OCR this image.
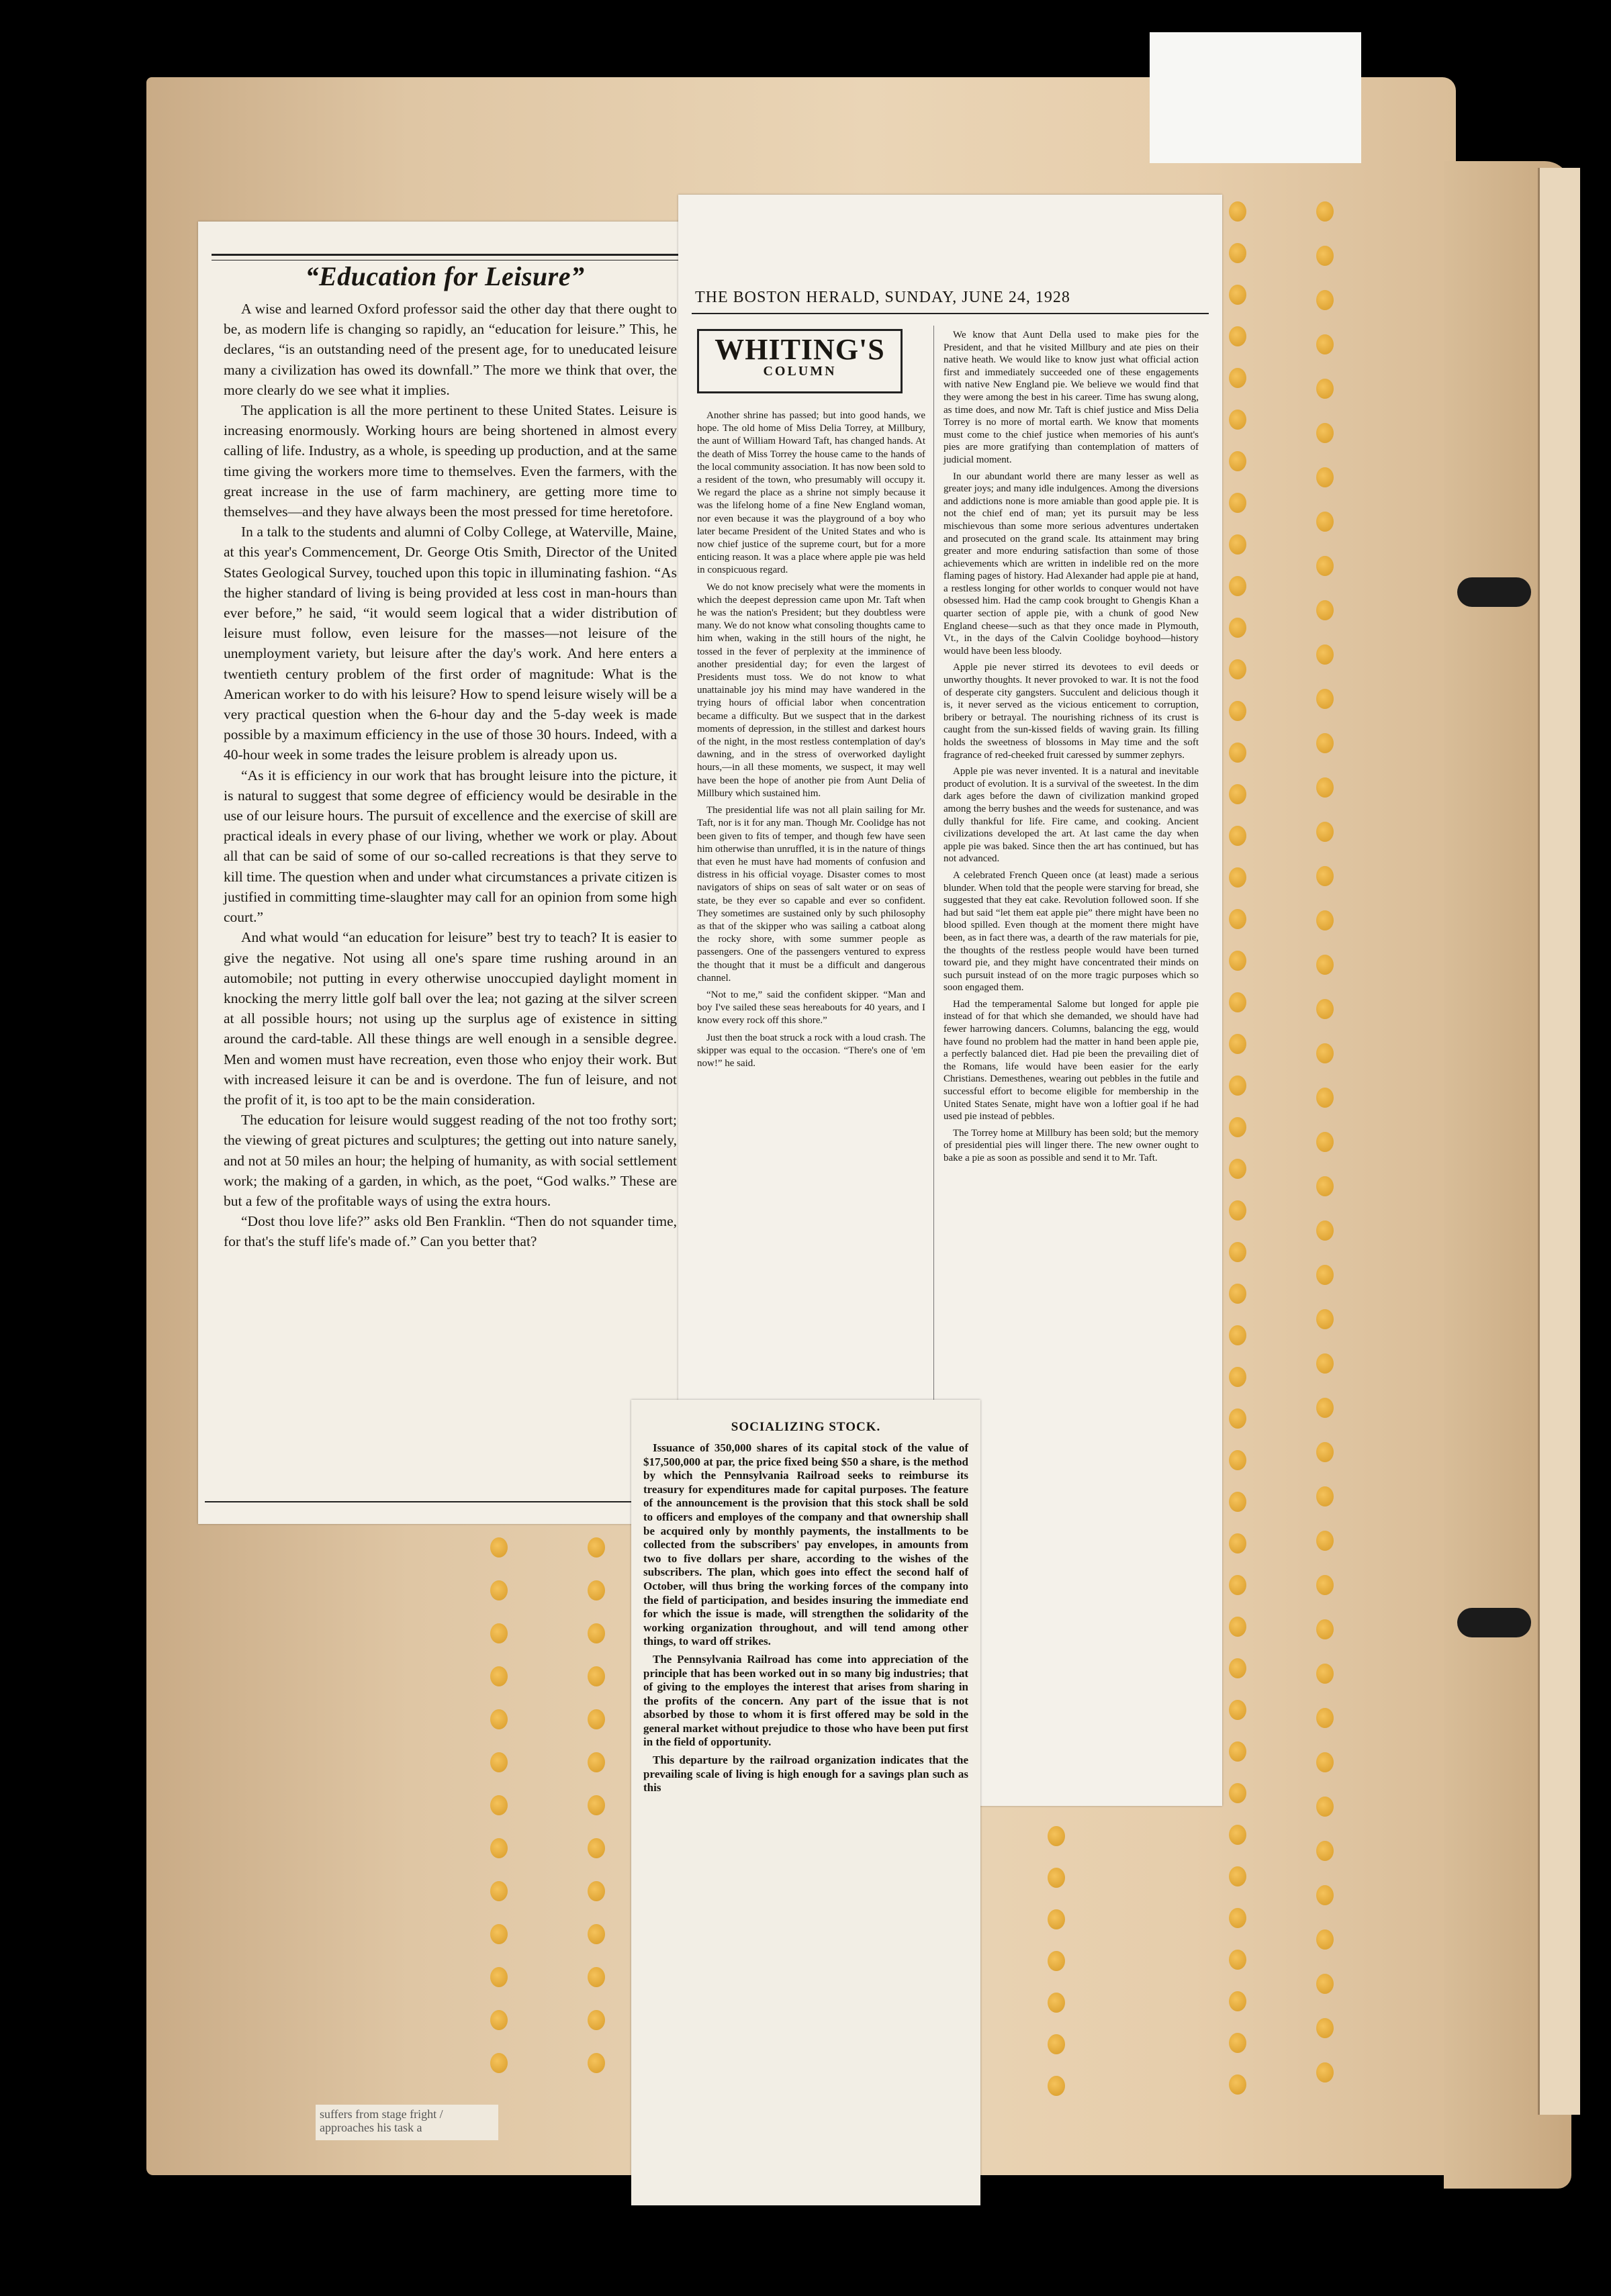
“Education for Leisure”

A wise and learned Oxford professor said the other day that there ought to be, as modern life is changing so rapidly, an “education for leisure.” This, he declares, “is an outstanding need of the present age, for to uneducated leisure many a civilization has owed its downfall.” The more we think that over, the more clearly do we see what it implies.

The application is all the more pertinent to these United States. Leisure is increasing enormously. Working hours are being shortened in almost every calling of life. Industry, as a whole, is speeding up production, and at the same time giving the workers more time to themselves. Even the farmers, with the great increase in the use of farm machinery, are getting more time to themselves—and they have always been the most pressed for time heretofore.

In a talk to the students and alumni of Colby College, at Waterville, Maine, at this year's Commencement, Dr. George Otis Smith, Director of the United States Geological Survey, touched upon this topic in illuminating fashion. “As the higher standard of living is being provided at less cost in man-hours than ever before,” he said, “it would seem logical that a wider distribution of leisure must follow, even leisure for the masses—not leisure of the unemployment variety, but leisure after the day's work. And here enters a twentieth century problem of the first order of magnitude: What is the American worker to do with his leisure? How to spend leisure wisely will be a very practical question when the 6-hour day and the 5-day week is made possible by a maximum efficiency in the use of those 30 hours. Indeed, with a 40-hour week in some trades the leisure problem is already upon us.

“As it is efficiency in our work that has brought leisure into the picture, it is natural to suggest that some degree of efficiency would be desirable in the use of our leisure hours. The pursuit of excellence and the exercise of skill are practical ideals in every phase of our living, whether we work or play. About all that can be said of some of our so-called recreations is that they serve to kill time. The question when and under what circumstances a private citizen is justified in committing time-slaughter may call for an opinion from some high court.”

And what would “an education for leisure” best try to teach? It is easier to give the negative. Not using all one's spare time rushing around in an automobile; not putting in every otherwise unoccupied daylight moment in knocking the merry little golf ball over the lea; not gazing at the silver screen at all possible hours; not using up the surplus age of existence in sitting around the card-table. All these things are well enough in a sensible degree. Men and women must have recreation, even those who enjoy their work. But with increased leisure it can be and is overdone. The fun of leisure, and not the profit of it, is too apt to be the main consideration.

The education for leisure would suggest reading of the not too frothy sort; the viewing of great pictures and sculptures; the getting out into nature sanely, and not at 50 miles an hour; the helping of humanity, as with social settlement work; the making of a garden, in which, as the poet, “God walks.” These are but a few of the profitable ways of using the extra hours.

“Dost thou love life?” asks old Ben Franklin. “Then do not squander time, for that's the stuff life's made of.” Can you better that?

THE BOSTON HERALD, SUNDAY, JUNE 24, 1928
WHITING'S
COLUMN

Another shrine has passed; but into good hands, we hope. The old home of Miss Delia Torrey, at Millbury, the aunt of William Howard Taft, has changed hands. At the death of Miss Torrey the house came to the hands of the local community association. It has now been sold to a resident of the town, who presumably will occupy it. We regard the place as a shrine not simply because it was the lifelong home of a fine New England woman, nor even because it was the playground of a boy who later became President of the United States and who is now chief justice of the supreme court, but for a more enticing reason. It was a place where apple pie was held in conspicuous regard.

We do not know precisely what were the moments in which the deepest depression came upon Mr. Taft when he was the nation's President; but they doubtless were many. We do not know what consoling thoughts came to him when, waking in the still hours of the night, he tossed in the fever of perplexity at the imminence of another presidential day; for even the largest of Presidents must toss. We do not know to what unattainable joy his mind may have wandered in the trying hours of official labor when concentration became a difficulty. But we suspect that in the darkest moments of depression, in the stillest and darkest hours of the night, in the most restless contemplation of day's dawning, and in the stress of overworked daylight hours,—in all these moments, we suspect, it may well have been the hope of another pie from Aunt Delia of Millbury which sustained him.

The presidential life was not all plain sailing for Mr. Taft, nor is it for any man. Though Mr. Coolidge has not been given to fits of temper, and though few have seen him otherwise than unruffled, it is in the nature of things that even he must have had moments of confusion and distress in his official voyage. Disaster comes to most navigators of ships on seas of salt water or on seas of state, be they ever so capable and ever so confident. They sometimes are sustained only by such philosophy as that of the skipper who was sailing a catboat along the rocky shore, with some summer people as passengers. One of the passengers ventured to express the thought that it must be a difficult and dangerous channel.

“Not to me,” said the confident skipper. “Man and boy I've sailed these seas hereabouts for 40 years, and I know every rock off this shore.”

Just then the boat struck a rock with a loud crash. The skipper was equal to the occasion. “There's one of 'em now!” he said.

We know that Aunt Della used to make pies for the President, and that he visited Millbury and ate pies on their native heath. We would like to know just what official action first and immediately succeeded one of these engagements with native New England pie. We believe we would find that they were among the best in his career. Time has swung along, as time does, and now Mr. Taft is chief justice and Miss Delia Torrey is no more of mortal earth. We know that moments must come to the chief justice when memories of his aunt's pies are more gratifying than contemplation of matters of judicial moment.

In our abundant world there are many lesser as well as greater joys; and many idle indulgences. Among the diversions and addictions none is more amiable than good apple pie. It is not the chief end of man; yet its pursuit may be less mischievous than some more serious adventures undertaken and prosecuted on the grand scale. Its attainment may bring greater and more enduring satisfaction than some of those achievements which are written in indelible red on the more flaming pages of history. Had Alexander had apple pie at hand, a restless longing for other worlds to conquer would not have obsessed him. Had the camp cook brought to Ghengis Khan a quarter section of apple pie, with a chunk of good New England cheese—such as that they once made in Plymouth, Vt., in the days of the Calvin Coolidge boyhood—history would have been less bloody.

Apple pie never stirred its devotees to evil deeds or unworthy thoughts. It never provoked to war. It is not the food of desperate city gangsters. Succulent and delicious though it is, it never served as the vicious enticement to corruption, bribery or betrayal. The nourishing richness of its crust is caught from the sun-kissed fields of waving grain. Its filling holds the sweetness of blossoms in May time and the soft fragrance of red-cheeked fruit caressed by summer zephyrs.

Apple pie was never invented. It is a natural and inevitable product of evolution. It is a survival of the sweetest. In the dim dark ages before the dawn of civilization mankind groped among the berry bushes and the weeds for sustenance, and was dully thankful for life. Fire came, and cooking. Ancient civilizations developed the art. At last came the day when apple pie was baked. Since then the art has continued, but has not advanced.

A celebrated French Queen once (at least) made a serious blunder. When told that the people were starving for bread, she suggested that they eat cake. Revolution followed soon. If she had but said “let them eat apple pie” there might have been no blood spilled. Even though at the moment there might have been, as in fact there was, a dearth of the raw materials for pie, the thoughts of the restless people would have been turned toward pie, and they might have concentrated their minds on such pursuit instead of on the more tragic purposes which so soon engaged them.

Had the temperamental Salome but longed for apple pie instead of for that which she demanded, we should have had fewer harrowing dancers. Columns, balancing the egg, would have found no problem had the matter in hand been apple pie, a perfectly balanced diet. Had pie been the prevailing diet of the Romans, life would have been easier for the early Christians. Demesthenes, wearing out pebbles in the futile and successful effort to become eligible for membership in the United States Senate, might have won a loftier goal if he had used pie instead of pebbles.

The Torrey home at Millbury has been sold; but the memory of presidential pies will linger there. The new owner ought to bake a pie as soon as possible and send it to Mr. Taft.

SOCIALIZING STOCK.

Issuance of 350,000 shares of its capital stock of the value of $17,500,000 at par, the price fixed being $50 a share, is the method by which the Pennsylvania Railroad seeks to reimburse its treasury for expenditures made for capital purposes. The feature of the announcement is the provision that this stock shall be sold to officers and employes of the company and that ownership shall be acquired only by monthly payments, the installments to be collected from the subscribers' pay envelopes, in amounts from two to five dollars per share, according to the wishes of the subscribers. The plan, which goes into effect the second half of October, will thus bring the working forces of the company into the field of participation, and besides insuring the immediate end for which the issue is made, will strengthen the solidarity of the working organization throughout, and will tend among other things, to ward off strikes.

The Pennsylvania Railroad has come into appreciation of the principle that has been worked out in so many big industries; that of giving to the employes the interest that arises from sharing in the profits of the concern. Any part of the issue that is not absorbed by those to whom it is first offered may be sold in the general market without prejudice to those who have been put first in the field of opportunity.

This departure by the railroad organization indicates that the prevailing scale of living is high enough for a savings plan such as this

suffers from stage fright / approaches his task a
